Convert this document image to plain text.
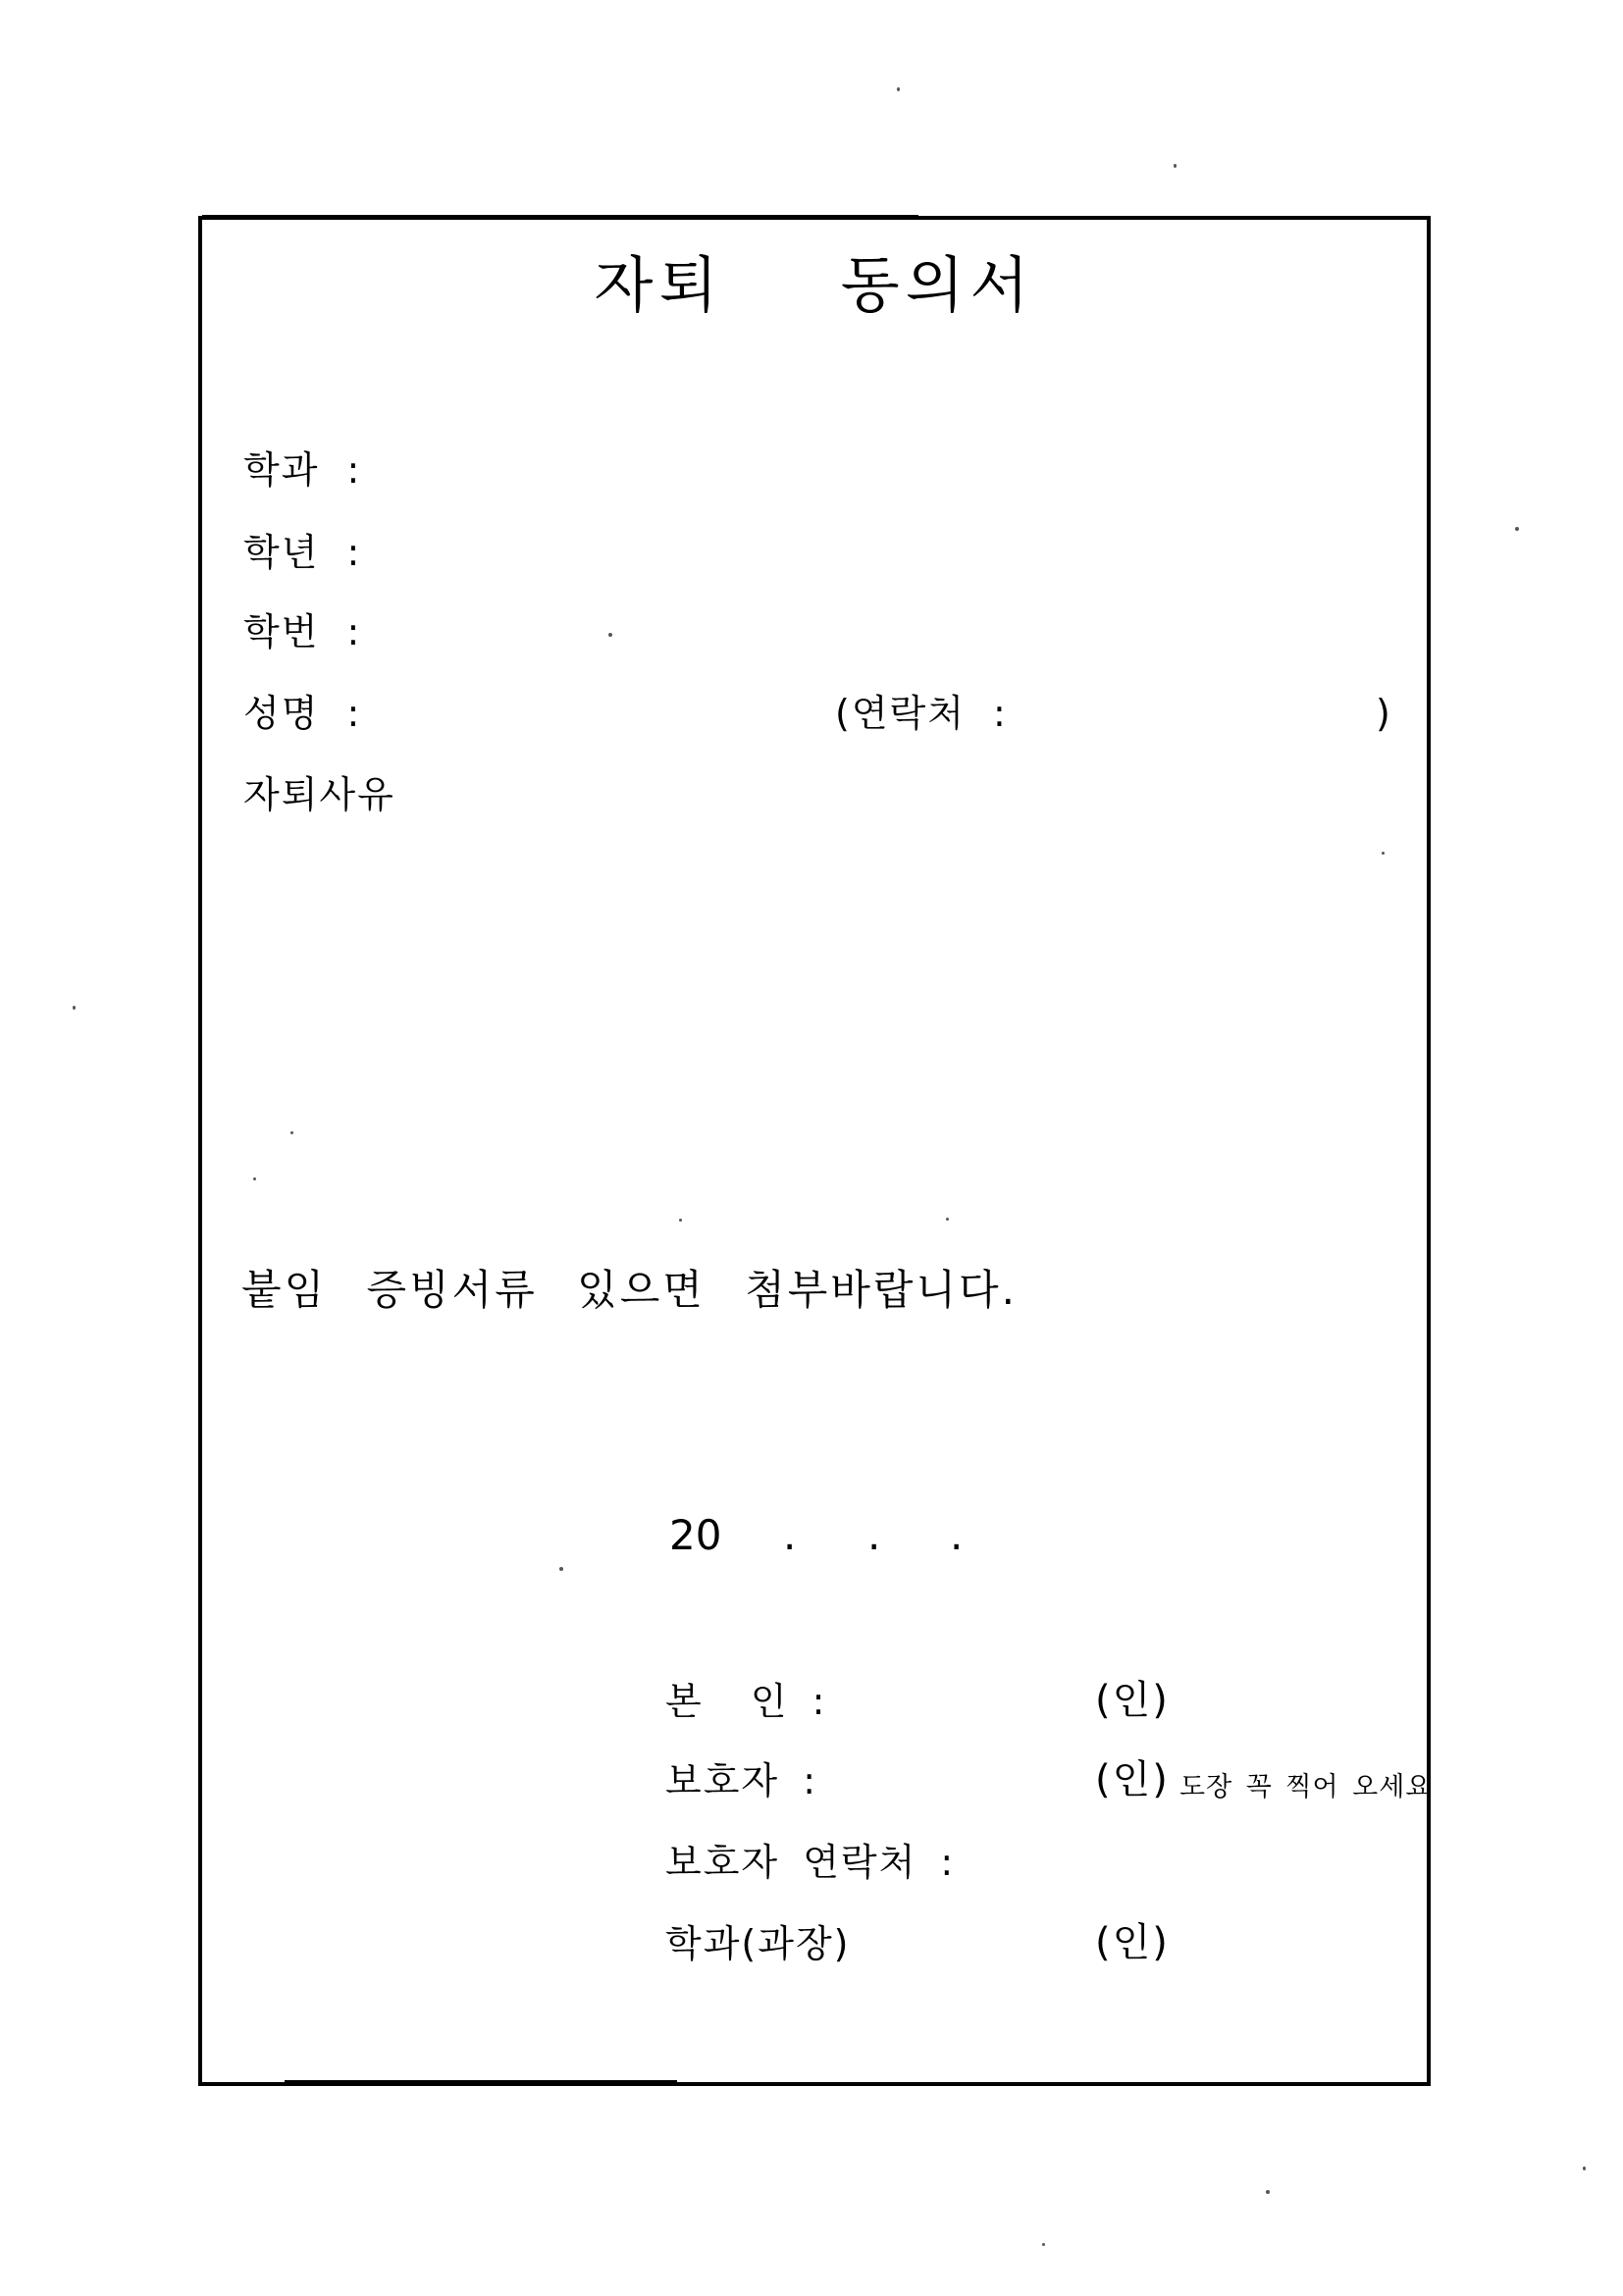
자퇴  동의서
학과 :
학년 :
학번 :
성명 :	(연락처 :	)
자퇴사유
붙임 증빙서류 있으면 첨부바랍니다.
20 . . .
본  인 :	(인)
보호자 :	(인) 도장 꼭 찍어 오세요
보호자 연락처 :
학과(과장)	(인)
